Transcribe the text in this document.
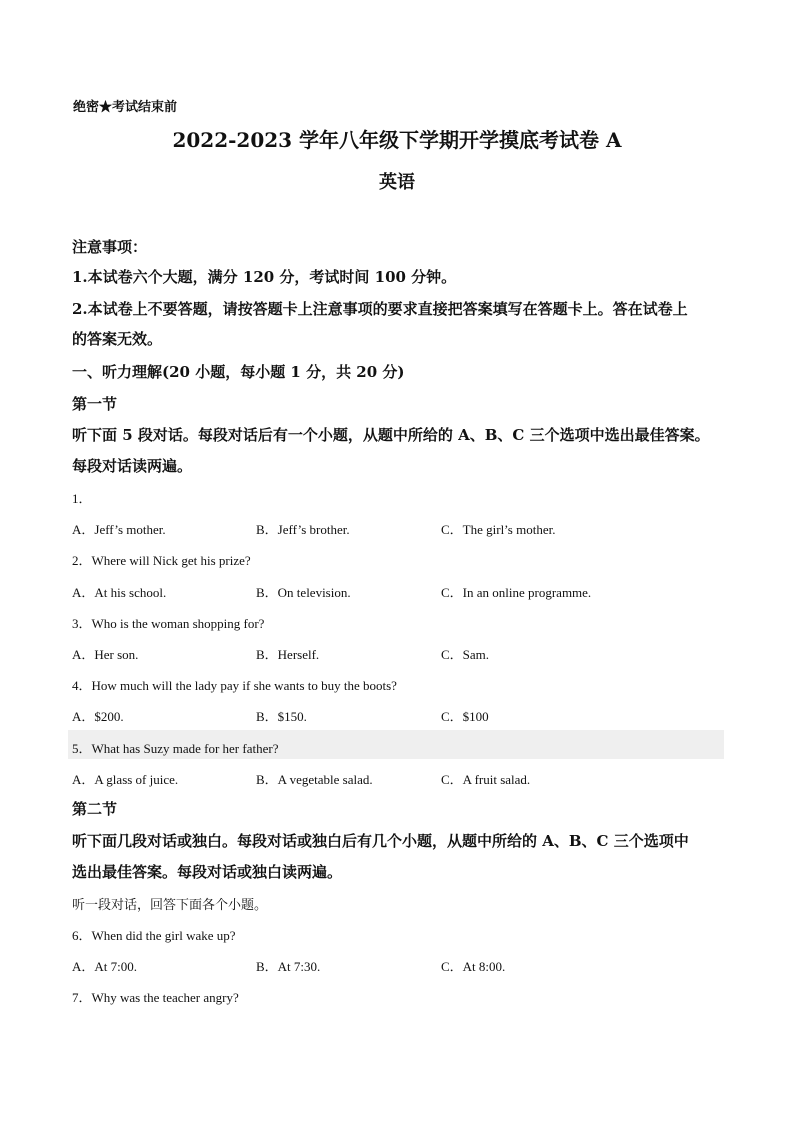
绝密★考试结束前
2022-2023 学年八年级下学期开学摸底考试卷 A
英语
注意事项：
1.本试卷六个大题，满分 120 分，考试时间 100 分钟。
2.本试卷上不要答题，请按答题卡上注意事项的要求直接把答案填写在答题卡上。答在试卷上
的答案无效。
一、听力理解(20 小题，每小题 1 分，共 20 分)
第一节
听下面 5 段对话。每段对话后有一个小题，从题中所给的 A、B、C 三个选项中选出最佳答案。
每段对话读两遍。
1．
A．Jeff’s mother.	B．Jeff’s brother.	C．The girl’s mother.
2．Where will Nick get his prize?
A．At his school.	B．On television.	C．In an online programme.
3．Who is the woman shopping for?
A．Her son.	B．Herself.	C．Sam.
4．How much will the lady pay if she wants to buy the boots?
A．$200.	B．$150.	C．$100
5．What has Suzy made for her father?
A．A glass of juice.	B．A vegetable salad.	C．A fruit salad.
第二节
听下面几段对话或独白。每段对话或独白后有几个小题，从题中所给的 A、B、C 三个选项中
选出最佳答案。每段对话或独白读两遍。
听一段对话，回答下面各个小题。
6．When did the girl wake up?
A．At 7:00.	B．At 7:30.	C．At 8:00.
7．Why was the teacher angry?
